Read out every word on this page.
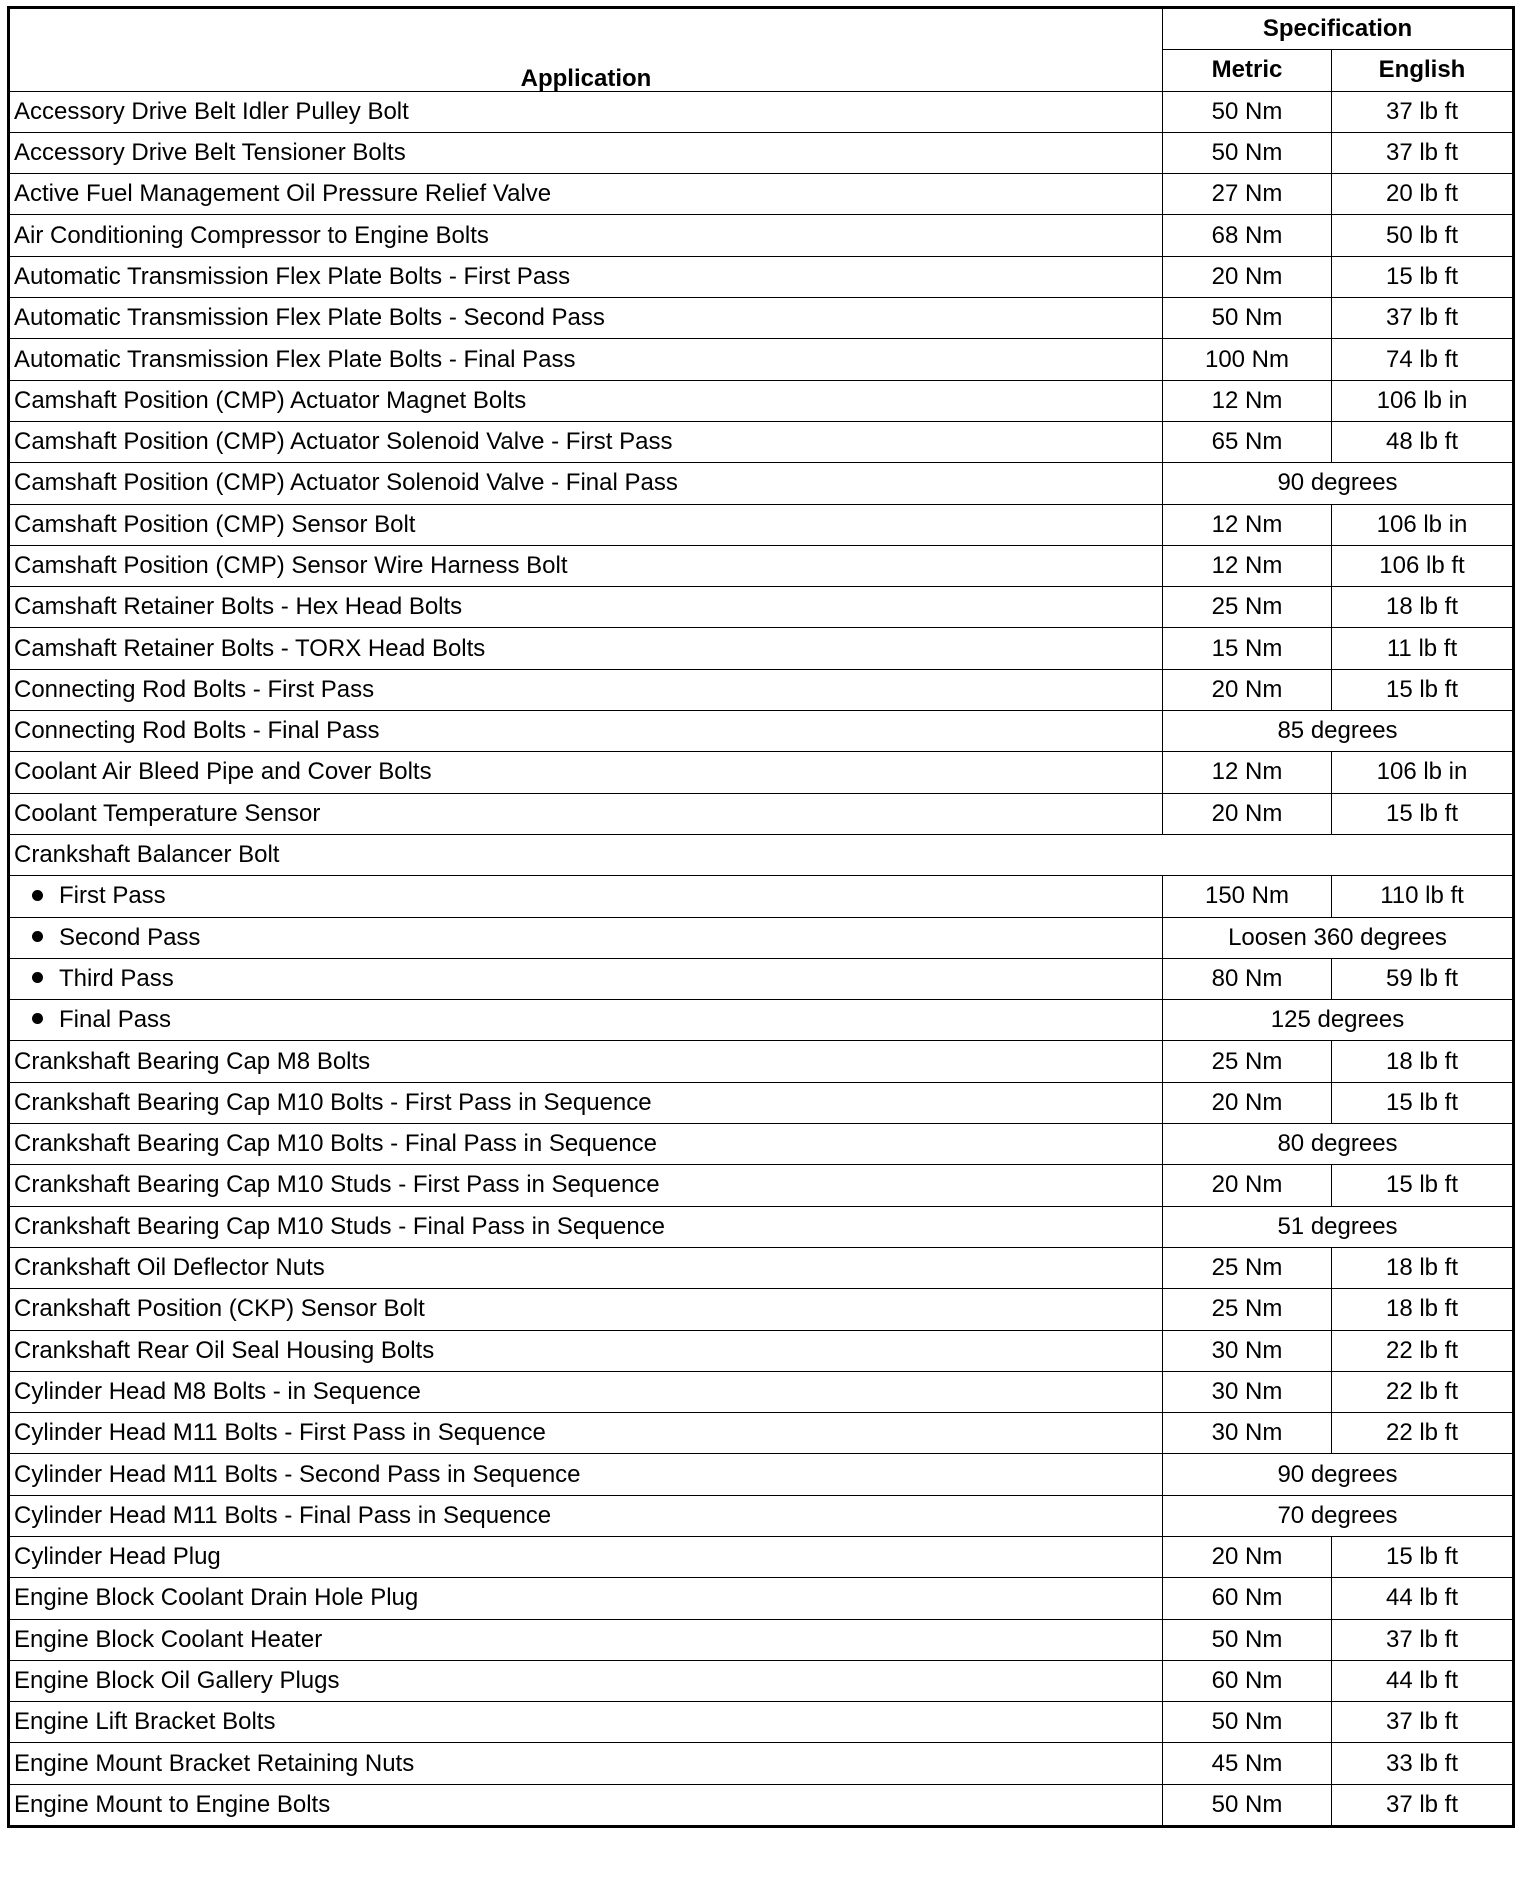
Application	Specification	
	Metric	English
Accessory Drive Belt Idler Pulley Bolt	50 Nm	37 lb ft
Accessory Drive Belt Tensioner Bolts	50 Nm	37 lb ft
Active Fuel Management Oil Pressure Relief Valve	27 Nm	20 lb ft
Air Conditioning Compressor to Engine Bolts	68 Nm	50 lb ft
Automatic Transmission Flex Plate Bolts - First Pass	20 Nm	15 lb ft
Automatic Transmission Flex Plate Bolts - Second Pass	50 Nm	37 lb ft
Automatic Transmission Flex Plate Bolts - Final Pass	100 Nm	74 lb ft
Camshaft Position (CMP) Actuator Magnet Bolts	12 Nm	106 lb in
Camshaft Position (CMP) Actuator Solenoid Valve - First Pass	65 Nm	48 lb ft
Camshaft Position (CMP) Actuator Solenoid Valve - Final Pass	90 degrees	
Camshaft Position (CMP) Sensor Bolt	12 Nm	106 lb in
Camshaft Position (CMP) Sensor Wire Harness Bolt	12 Nm	106 lb ft
Camshaft Retainer Bolts - Hex Head Bolts	25 Nm	18 lb ft
Camshaft Retainer Bolts - TORX Head Bolts	15 Nm	11 lb ft
Connecting Rod Bolts - First Pass	20 Nm	15 lb ft
Connecting Rod Bolts - Final Pass	85 degrees	
Coolant Air Bleed Pipe and Cover Bolts	12 Nm	106 lb in
Coolant Temperature Sensor	20 Nm	15 lb ft
Crankshaft Balancer Bolt		
First Pass	150 Nm	110 lb ft
Second Pass	Loosen 360 degrees	
Third Pass	80 Nm	59 lb ft
Final Pass	125 degrees	
Crankshaft Bearing Cap M8 Bolts	25 Nm	18 lb ft
Crankshaft Bearing Cap M10 Bolts - First Pass in Sequence	20 Nm	15 lb ft
Crankshaft Bearing Cap M10 Bolts - Final Pass in Sequence	80 degrees	
Crankshaft Bearing Cap M10 Studs - First Pass in Sequence	20 Nm	15 lb ft
Crankshaft Bearing Cap M10 Studs - Final Pass in Sequence	51 degrees	
Crankshaft Oil Deflector Nuts	25 Nm	18 lb ft
Crankshaft Position (CKP) Sensor Bolt	25 Nm	18 lb ft
Crankshaft Rear Oil Seal Housing Bolts	30 Nm	22 lb ft
Cylinder Head M8 Bolts - in Sequence	30 Nm	22 lb ft
Cylinder Head M11 Bolts - First Pass in Sequence	30 Nm	22 lb ft
Cylinder Head M11 Bolts - Second Pass in Sequence	90 degrees	
Cylinder Head M11 Bolts - Final Pass in Sequence	70 degrees	
Cylinder Head Plug	20 Nm	15 lb ft
Engine Block Coolant Drain Hole Plug	60 Nm	44 lb ft
Engine Block Coolant Heater	50 Nm	37 lb ft
Engine Block Oil Gallery Plugs	60 Nm	44 lb ft
Engine Lift Bracket Bolts	50 Nm	37 lb ft
Engine Mount Bracket Retaining Nuts	45 Nm	33 lb ft
Engine Mount to Engine Bolts	50 Nm	37 lb ft
